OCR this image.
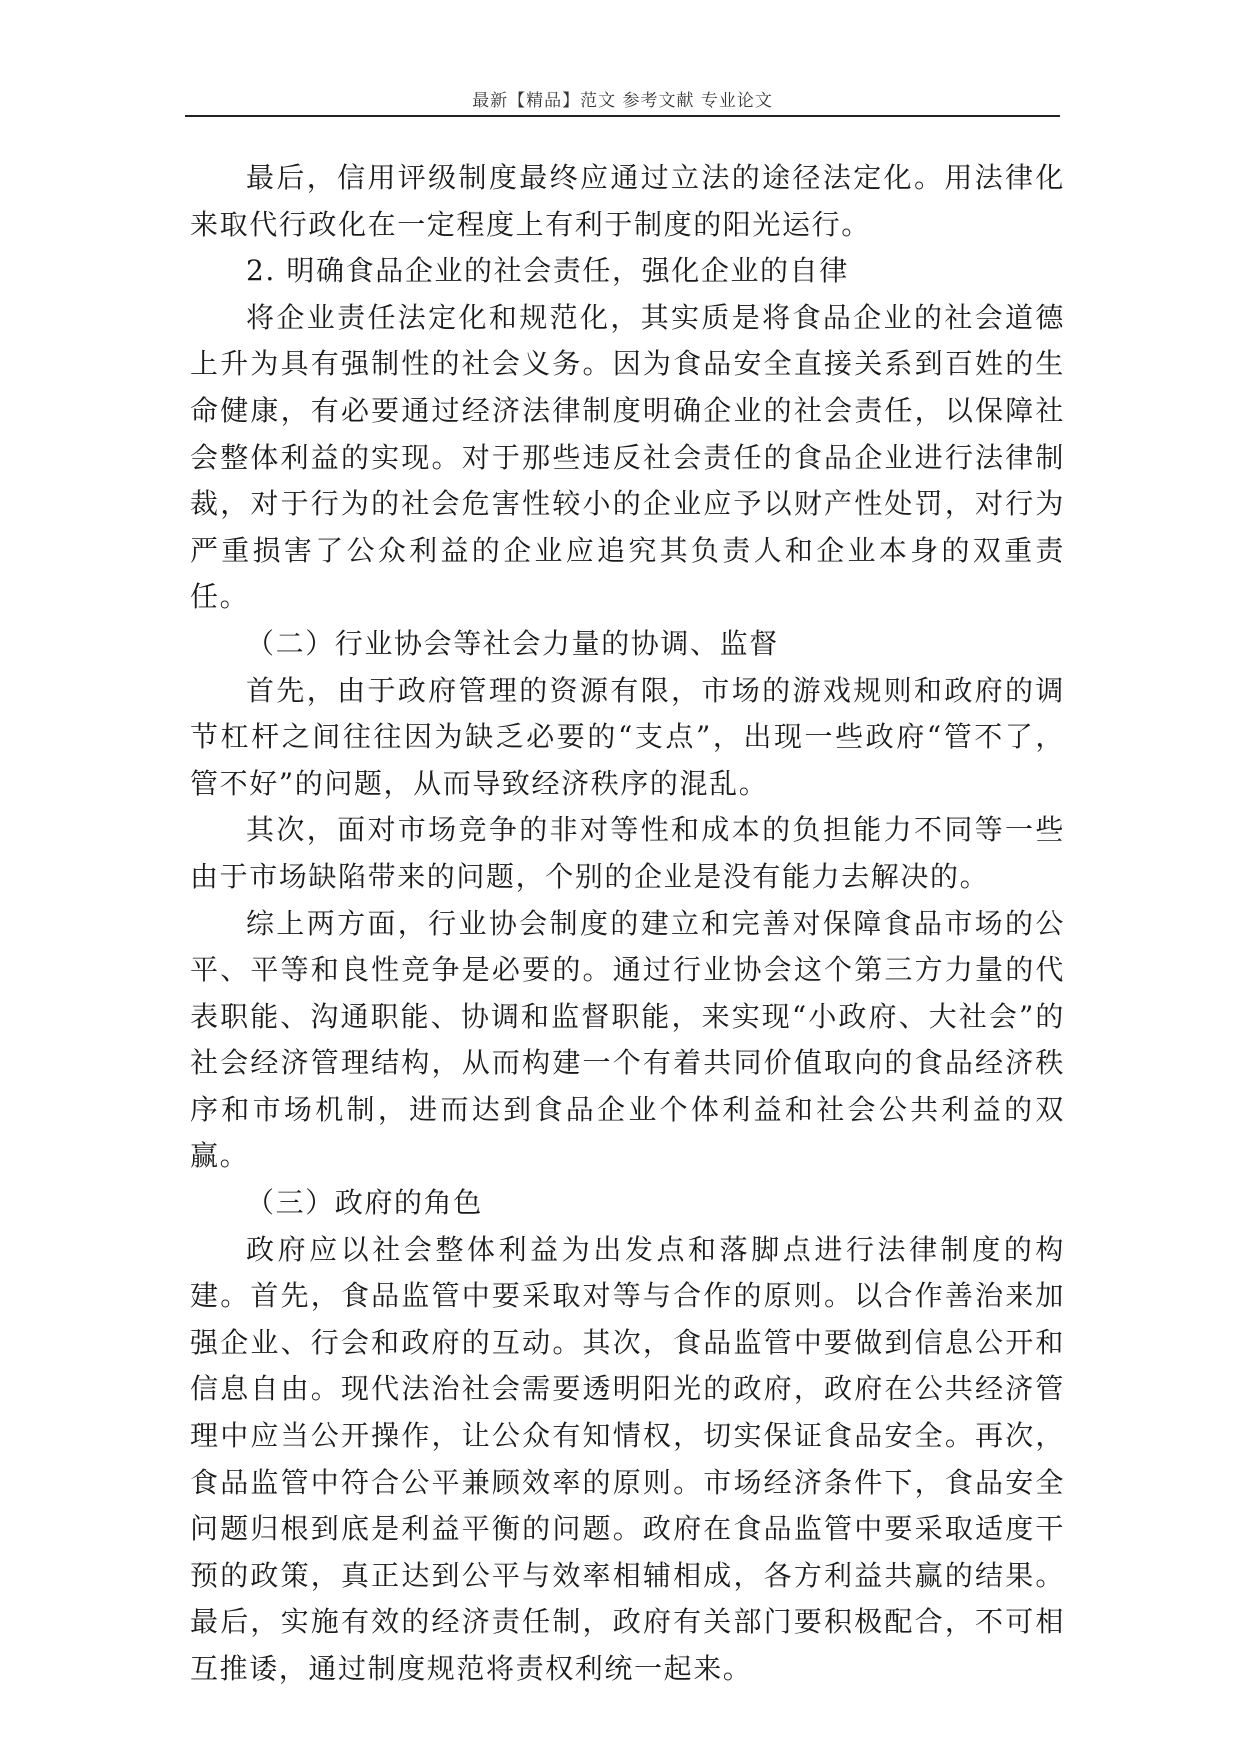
最新【精品】范文 参考文献 专业论文

最后，信用评级制度最终应通过立法的途径法定化。用法律化来取代行政化在一定程度上有利于制度的阳光运行。

2. 明确食品企业的社会责任，强化企业的自律

将企业责任法定化和规范化，其实质是将食品企业的社会道德上升为具有强制性的社会义务。因为食品安全直接关系到百姓的生命健康，有必要通过经济法律制度明确企业的社会责任，以保障社会整体利益的实现。对于那些违反社会责任的食品企业进行法律制裁，对于行为的社会危害性较小的企业应予以财产性处罚，对行为严重损害了公众利益的企业应追究其负责人和企业本身的双重责任。

（二）行业协会等社会力量的协调、监督

首先，由于政府管理的资源有限，市场的游戏规则和政府的调节杠杆之间往往因为缺乏必要的“支点”，出现一些政府“管不了，管不好”的问题，从而导致经济秩序的混乱。

其次，面对市场竞争的非对等性和成本的负担能力不同等一些由于市场缺陷带来的问题，个别的企业是没有能力去解决的。

综上两方面，行业协会制度的建立和完善对保障食品市场的公平、平等和良性竞争是必要的。通过行业协会这个第三方力量的代表职能、沟通职能、协调和监督职能，来实现“小政府、大社会”的社会经济管理结构，从而构建一个有着共同价值取向的食品经济秩序和市场机制，进而达到食品企业个体利益和社会公共利益的双赢。

（三）政府的角色

政府应以社会整体利益为出发点和落脚点进行法律制度的构建。首先，食品监管中要采取对等与合作的原则。以合作善治来加强企业、行会和政府的互动。其次，食品监管中要做到信息公开和信息自由。现代法治社会需要透明阳光的政府，政府在公共经济管理中应当公开操作，让公众有知情权，切实保证食品安全。再次，食品监管中符合公平兼顾效率的原则。市场经济条件下，食品安全问题归根到底是利益平衡的问题。政府在食品监管中要采取适度干预的政策，真正达到公平与效率相辅相成，各方利益共赢的结果。最后，实施有效的经济责任制，政府有关部门要积极配合，不可相互推诿，通过制度规范将责权利统一起来。
